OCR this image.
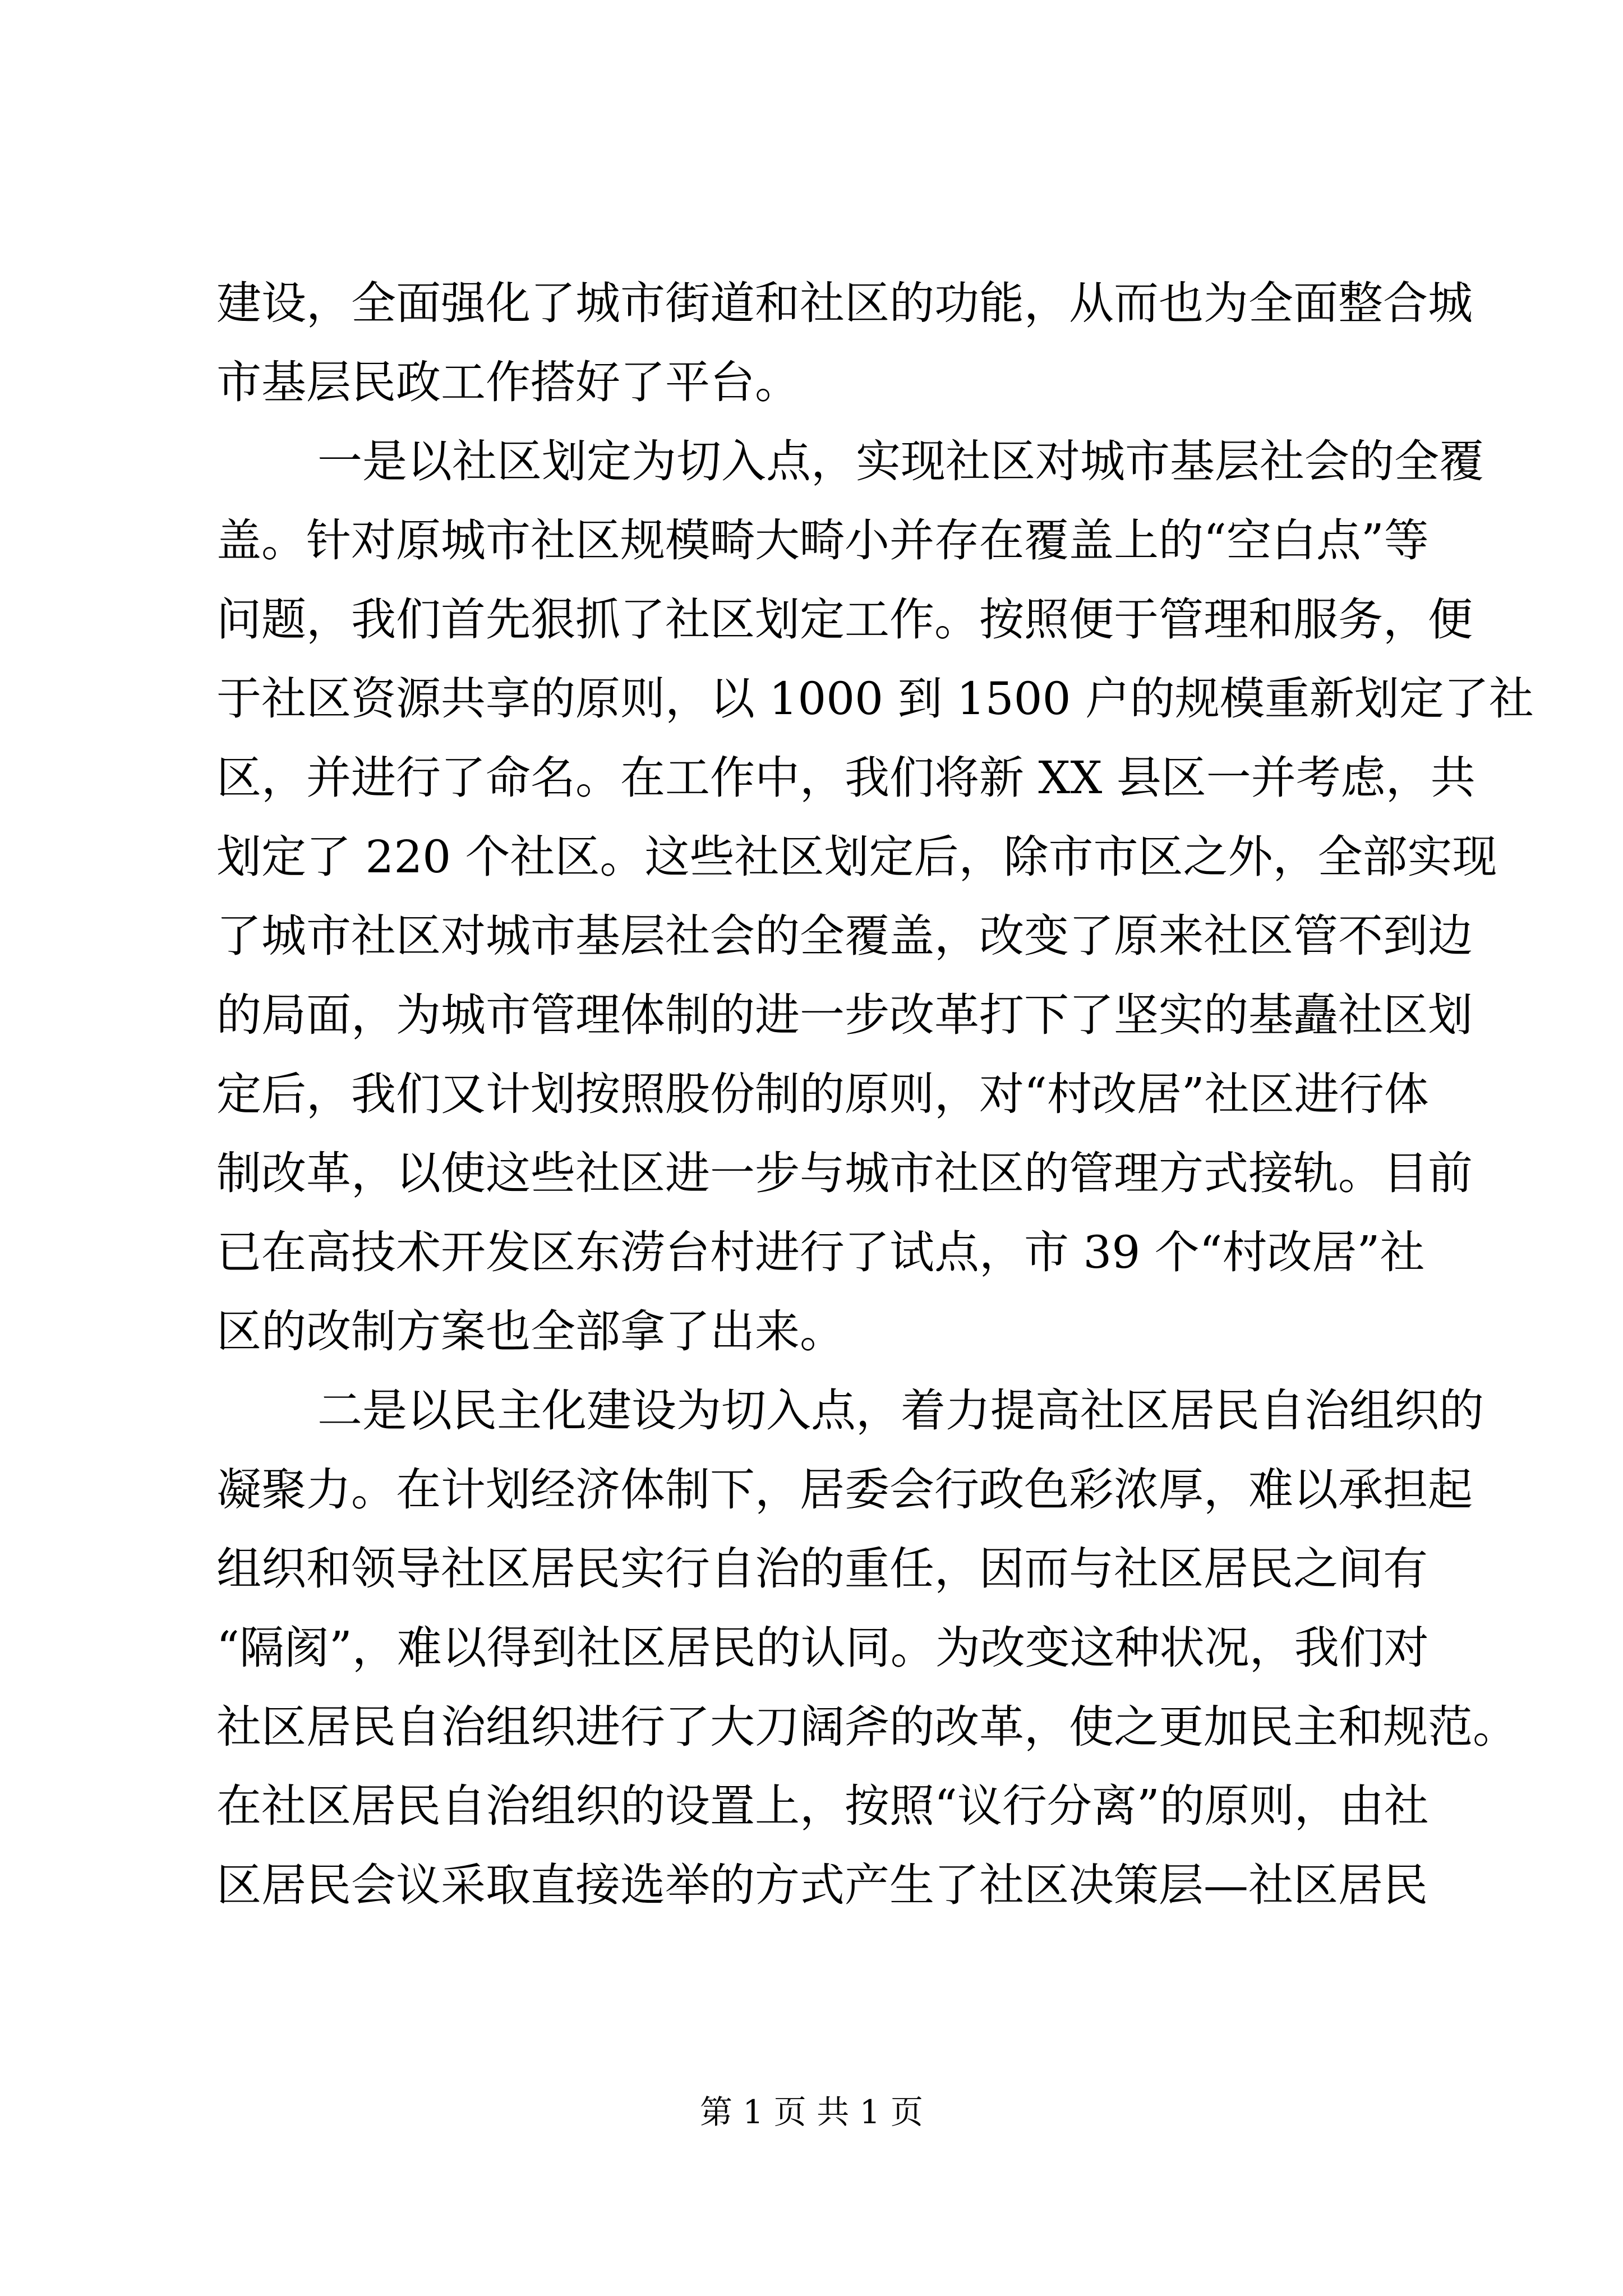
建设，全面强化了城市街道和社区的功能，从而也为全面整合城
市基层民政工作搭好了平台。
一是以社区划定为切入点，实现社区对城市基层社会的全覆
盖。针对原城市社区规模畸大畸小并存在覆盖上的“空白点”等
问题，我们首先狠抓了社区划定工作。按照便于管理和服务，便
于社区资源共享的原则，以 1000 到 1500 户的规模重新划定了社
区，并进行了命名。在工作中，我们将新 XX 县区一并考虑，共
划定了 220 个社区。这些社区划定后，除市市区之外，全部实现
了城市社区对城市基层社会的全覆盖，改变了原来社区管不到边
的局面，为城市管理体制的进一步改革打下了坚实的基矗社区划
定后，我们又计划按照股份制的原则，对“村改居”社区进行体
制改革，以使这些社区进一步与城市社区的管理方式接轨。目前
已在高技术开发区东涝台村进行了试点，市 39 个“村改居”社
区的改制方案也全部拿了出来。
二是以民主化建设为切入点，着力提高社区居民自治组织的
凝聚力。在计划经济体制下，居委会行政色彩浓厚，难以承担起
组织和领导社区居民实行自治的重任，因而与社区居民之间有
“隔阂”，难以得到社区居民的认同。为改变这种状况，我们对
社区居民自治组织进行了大刀阔斧的改革，使之更加民主和规范。
在社区居民自治组织的设置上，按照“议行分离”的原则，由社
区居民会议采取直接选举的方式产生了社区决策层—社区居民
第 1 页 共 1 页
